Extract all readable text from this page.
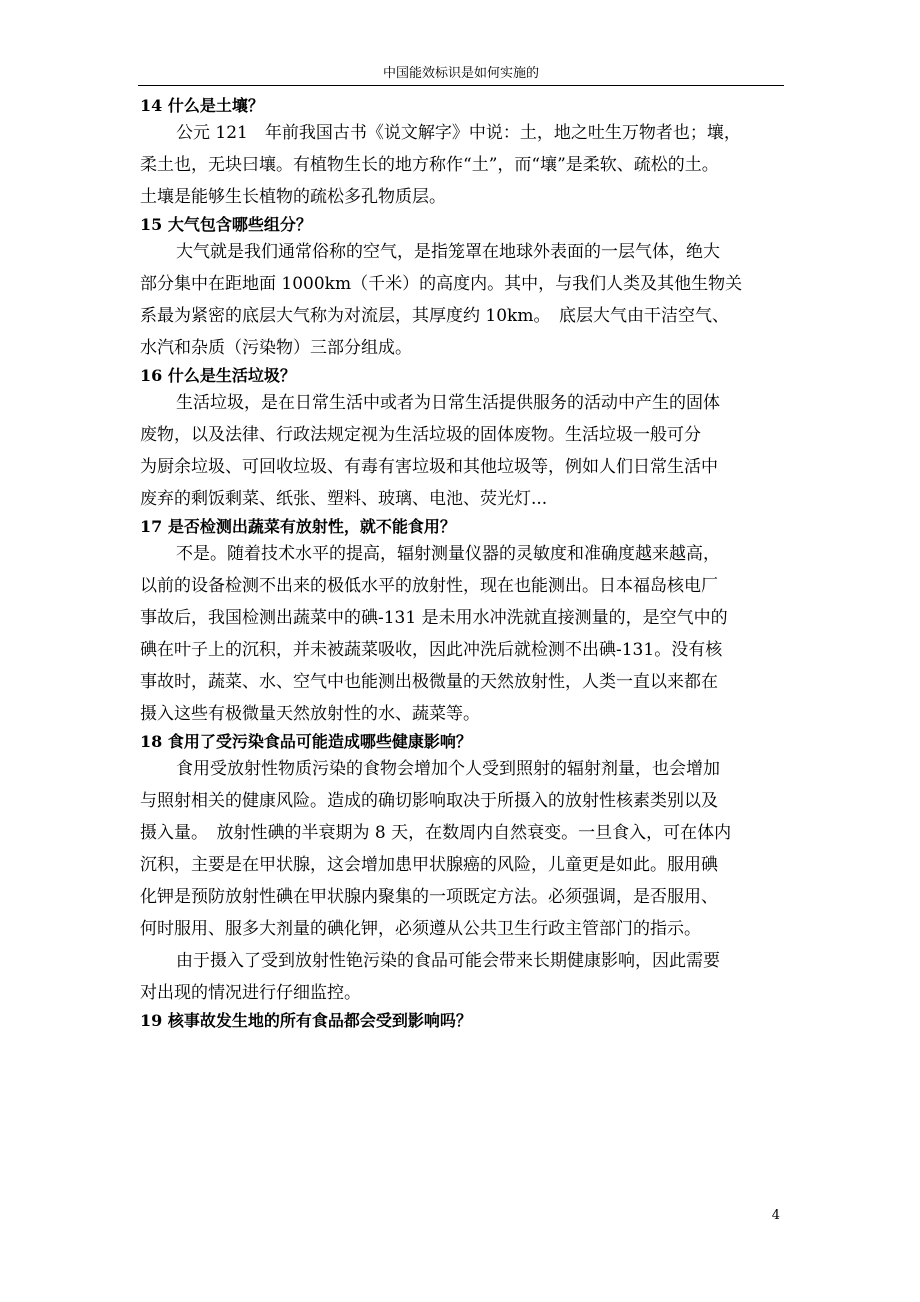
中国能效标识是如何实施的
14 什么是土壤？
公元 121　年前我国古书《说文解字》中说：土，地之吐生万物者也；壤，
柔土也，无块曰壤。有植物生长的地方称作“土”，而“壤”是柔软、疏松的土。
土壤是能够生长植物的疏松多孔物质层。
15 大气包含哪些组分？
大气就是我们通常俗称的空气，是指笼罩在地球外表面的一层气体，绝大
部分集中在距地面 1000km（千米）的高度内。其中，与我们人类及其他生物关
系最为紧密的底层大气称为对流层，其厚度约 10km。　底层大气由干洁空气、
水汽和杂质（污染物）三部分组成。
16 什么是生活垃圾？
生活垃圾，是在日常生活中或者为日常生活提供服务的活动中产生的固体
废物，以及法律、行政法规定视为生活垃圾的固体废物。生活垃圾一般可分
为厨余垃圾、可回收垃圾、有毒有害垃圾和其他垃圾等，例如人们日常生活中
废弃的剩饭剩菜、纸张、塑料、玻璃、电池、荧光灯...
17 是否检测出蔬菜有放射性，就不能食用？
不是。随着技术水平的提高，辐射测量仪器的灵敏度和准确度越来越高，
以前的设备检测不出来的极低水平的放射性，现在也能测出。日本福岛核电厂
事故后，我国检测出蔬菜中的碘-131 是未用水冲洗就直接测量的，是空气中的
碘在叶子上的沉积，并未被蔬菜吸收，因此冲洗后就检测不出碘-131。没有核
事故时，蔬菜、水、空气中也能测出极微量的天然放射性，人类一直以来都在
摄入这些有极微量天然放射性的水、蔬菜等。
18 食用了受污染食品可能造成哪些健康影响？
食用受放射性物质污染的食物会增加个人受到照射的辐射剂量，也会增加
与照射相关的健康风险。造成的确切影响取决于所摄入的放射性核素类别以及
摄入量。　放射性碘的半衰期为 8 天，在数周内自然衰变。一旦食入，可在体内
沉积，主要是在甲状腺，这会增加患甲状腺癌的风险，儿童更是如此。服用碘
化钾是预防放射性碘在甲状腺内聚集的一项既定方法。必须强调，是否服用、
何时服用、服多大剂量的碘化钾，必须遵从公共卫生行政主管部门的指示。
由于摄入了受到放射性铯污染的食品可能会带来长期健康影响，因此需要
对出现的情况进行仔细监控。
19 核事故发生地的所有食品都会受到影响吗？
4
